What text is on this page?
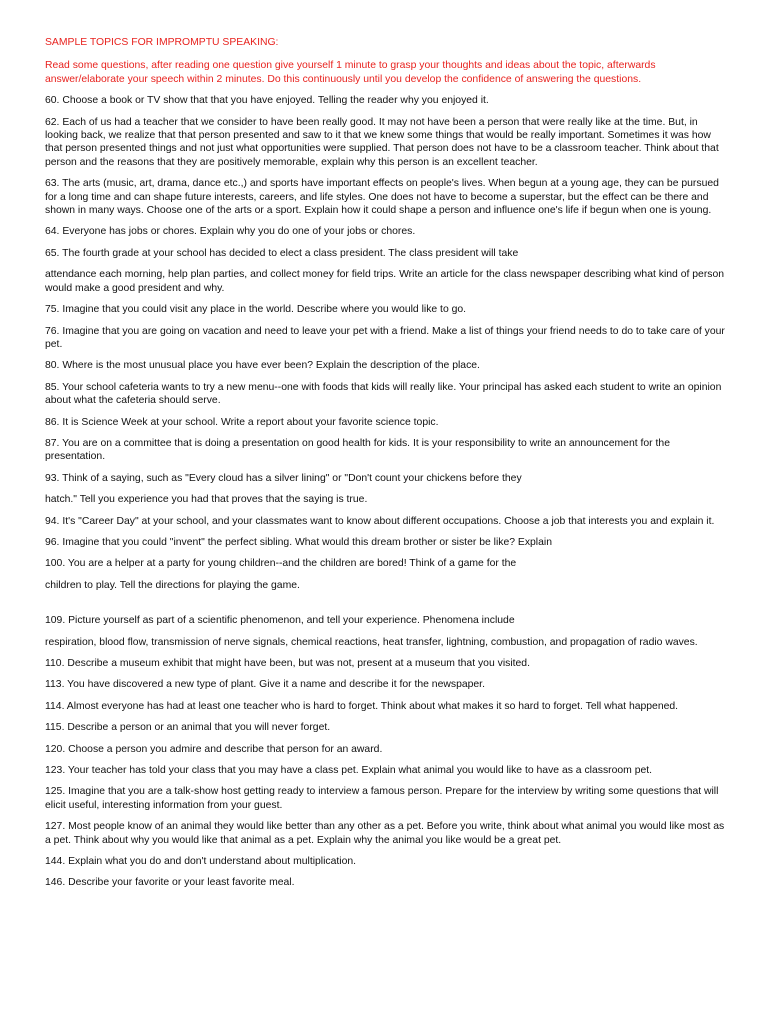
SAMPLE TOPICS FOR IMPROMPTU SPEAKING:
Read some questions, after reading one question give yourself 1 minute to grasp your thoughts and ideas about the topic, afterwards answer/elaborate your speech within 2 minutes. Do this continuously until you develop the confidence of answering the questions.
60. Choose a book or TV show that that you have enjoyed. Telling the reader why you enjoyed it.
62. Each of us had a teacher that we consider to have been really good. It may not have been a person that were really like at the time. But, in looking back, we realize that that person presented and saw to it that we knew some things that would be really important. Sometimes it was how that person presented things and not just what opportunities were supplied. That person does not have to be a classroom teacher. Think about that person and the reasons that they are positively memorable, explain why this person is an excellent teacher.
63. The arts (music, art, drama, dance etc.,) and sports have important effects on people's lives. When begun at a young age, they can be pursued for a long time and can shape future interests, careers, and life styles. One does not have to become a superstar, but the effect can be there and shown in many ways. Choose one of the arts or a sport. Explain how it could shape a person and influence one's life if begun when one is young.
64. Everyone has jobs or chores. Explain why you do one of your jobs or chores.
65. The fourth grade at your school has decided to elect a class president. The class president will take
attendance each morning, help plan parties, and collect money for field trips. Write an article for the class newspaper describing what kind of person would make a good president and why.
75. Imagine that you could visit any place in the world. Describe where you would like to go.
76. Imagine that you are going on vacation and need to leave your pet with a friend. Make a list of things your friend needs to do to take care of your pet.
80. Where is the most unusual place you have ever been? Explain the description of the place.
85. Your school cafeteria wants to try a new menu--one with foods that kids will really like. Your principal has asked each student to write an opinion about what the cafeteria should serve.
86. It is Science Week at your school. Write a report about your favorite science topic.
87. You are on a committee that is doing a presentation on good health for kids. It is your responsibility to write an announcement for the presentation.
93. Think of a saying, such as "Every cloud has a silver lining" or "Don't count your chickens before they
hatch." Tell you experience you had that proves that the saying is true.
94. It's "Career Day" at your school, and your classmates want to know about different occupations. Choose a job that interests you and explain it.
96. Imagine that you could "invent" the perfect sibling. What would this dream brother or sister be like? Explain
100. You are a helper at a party for young children--and the children are bored! Think of a game for the
children to play. Tell the directions for playing the game.
109. Picture yourself as part of a scientific phenomenon, and tell your experience. Phenomena include
respiration, blood flow, transmission of nerve signals, chemical reactions, heat transfer, lightning, combustion, and propagation of radio waves.
110. Describe a museum exhibit that might have been, but was not, present at a museum that you visited.
113. You have discovered a new type of plant. Give it a name and describe it for the newspaper.
114. Almost everyone has had at least one teacher who is hard to forget. Think about what makes it so hard to forget. Tell what happened.
115. Describe a person or an animal that you will never forget.
120. Choose a person you admire and describe that person for an award.
123. Your teacher has told your class that you may have a class pet. Explain what animal you would like to have as a classroom pet.
125. Imagine that you are a talk-show host getting ready to interview a famous person. Prepare for the interview by writing some questions that will elicit useful, interesting information from your guest.
127. Most people know of an animal they would like better than any other as a pet. Before you write, think about what animal you would like most as a pet. Think about why you would like that animal as a pet. Explain why the animal you like would be a great pet.
144. Explain what you do and don't understand about multiplication.
146. Describe your favorite or your least favorite meal.
